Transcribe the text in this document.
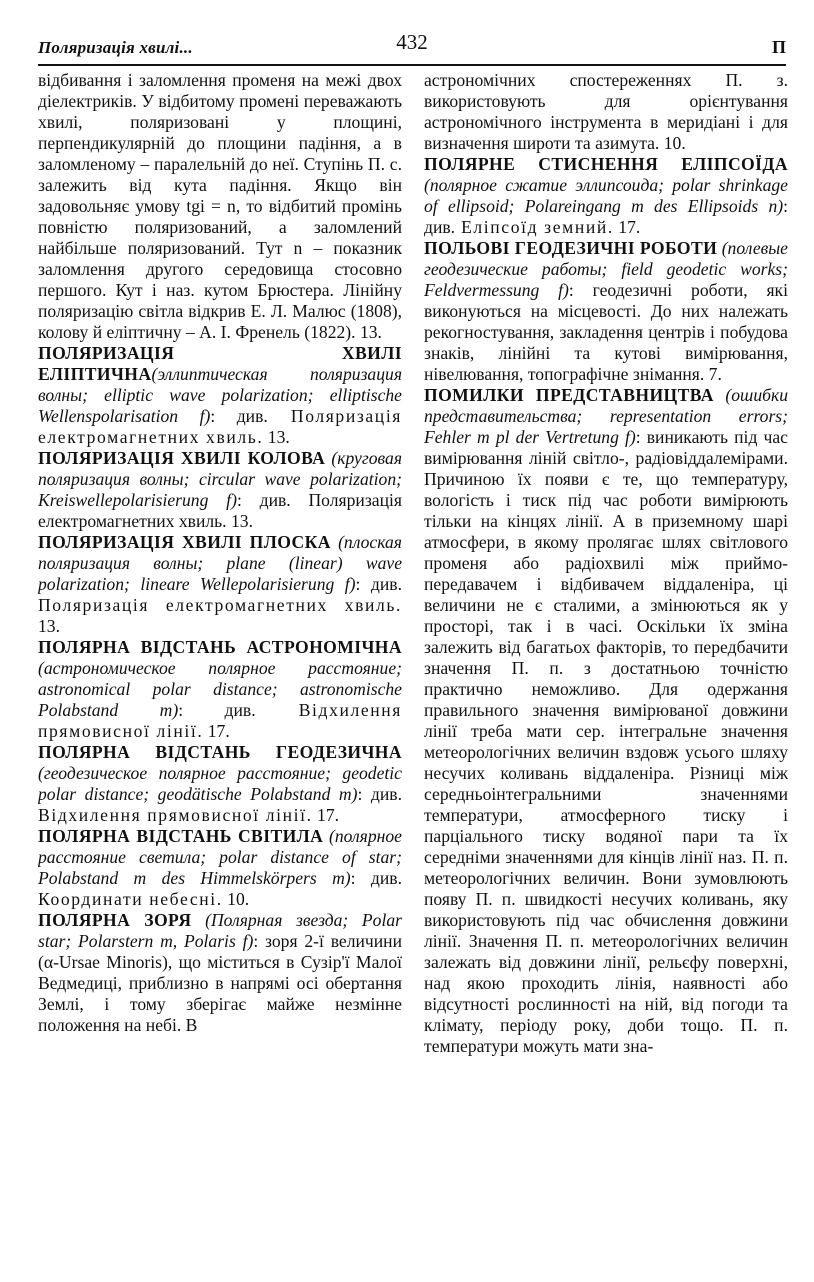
Поляризація хвилі...	432	П

відбивання і заломлення променя на межі двох діелектриків. У відбитому промені переважають хвилі, поляризовані у площині, перпендикулярній до площини падіння, а в заломленому – паралельній до неї. Ступінь П. с. залежить від кута падіння. Якщо він задовольняє умову tgi = n, то відбитий промінь повністю поляризований, а заломлений найбільше поляризований. Тут n – показник заломлення другого середовища стосовно першого. Кут i наз. кутом Брюстера. Лінійну поляризацію світла відкрив Е. Л. Малюс (1808), колову й еліптичну – А. І. Френель (1822). 13.

ПОЛЯРИЗАЦІЯ ХВИЛІ ЕЛІПТИЧНА(эллиптическая поляризация волны; elliptic wave polarization; elliptische Wellenspolarisation f): див. Поляризація електромагнетних хвиль. 13.

ПОЛЯРИЗАЦІЯ ХВИЛІ КОЛОВА (круговая поляризация волны; circular wave polarization; Kreiswellepolarisierung f): див. Поляризація електромагнетних хвиль. 13.

ПОЛЯРИЗАЦІЯ ХВИЛІ ПЛОСКА (плоская поляризация волны; plane (linear) wave polarization; lineare Wellepolarisierung f): див. Поляризація електромагнетних хвиль. 13.

ПОЛЯРНА ВІДСТАНЬ АСТРОНОМІЧНА (астрономическое полярное расстояние; astronomical polar distance; astronomische Polabstand m): див. Відхилення прямовисної лінії. 17.

ПОЛЯРНА ВІДСТАНЬ ГЕОДЕЗИЧНА (геодезическое полярное расстояние; geodetic polar distance; geodätische Polabstand m): див. Відхилення прямовисної лінії. 17.

ПОЛЯРНА ВІДСТАНЬ СВІТИЛА (полярное расстояние светила; polar distance of star; Polabstand m des Himmelskörpers m): див. Координати небесні. 10.

ПОЛЯРНА ЗОРЯ (Полярная звезда; Polar star; Polarstern m, Polaris f): зоря 2-ї величини (α-Ursae Minoris), що міститься в Сузір'ї Малої Ведмедиці, приблизно в напрямі осі обертання Землі, і тому зберігає майже незмінне положення на небі. В

астрономічних спостереженнях П. з. використовують для орієнтування астрономічного інструмента в меридіані і для визначення широти та азимута. 10.

ПОЛЯРНЕ СТИСНЕННЯ ЕЛІПСОЇДА (полярное сжатие эллипсоида; polar shrinkage of ellipsoid; Polareingang m des Ellipsoids n): див. Еліпсоїд земний. 17.

ПОЛЬОВІ ГЕОДЕЗИЧНІ РОБОТИ (полевые геодезические работы; field geodetic works; Feldvermessung f): геодезичні роботи, які виконуються на місцевості. До них належать рекогностування, закладення центрів і побудова знаків, лінійні та кутові вимірювання, нівелювання, топографічне знімання. 7.

ПОМИЛКИ ПРЕДСТАВНИЦТВА (ошибки представительства; representation errors; Fehler m pl der Vertretung f): виникають під час вимірювання ліній світло-, радіовіддалемірами. Причиною їх появи є те, що температуру, вологість і тиск під час роботи вимірюють тільки на кінцях лінії. А в приземному шарі атмосфери, в якому пролягає шлях світлового променя або радіохвилі між приймо-передавачем і відбивачем віддаленіра, ці величини не є сталими, а змінюються як у просторі, так і в часі. Оскільки їх зміна залежить від багатьох факторів, то передбачити значення П. п. з достатньою точністю практично неможливо. Для одержання правильного значення вимірюваної довжини лінії треба мати сер. інтегральне значення метеорологічних величин вздовж усього шляху несучих коливань віддаленіра. Різниці між середньоінтегральними значеннями температури, атмосферного тиску і парціального тиску водяної пари та їх середніми значеннями для кінців лінії наз. П. п. метеорологічних величин. Вони зумовлюють появу П. п. швидкості несучих коливань, яку використовують під час обчислення довжини лінії. Значення П. п. метеорологічних величин залежать від довжини лінії, рельєфу поверхні, над якою проходить лінія, наявності або відсутності рослинності на ній, від погоди та клімату, періоду року, доби тощо. П. п. температури можуть мати зна-
